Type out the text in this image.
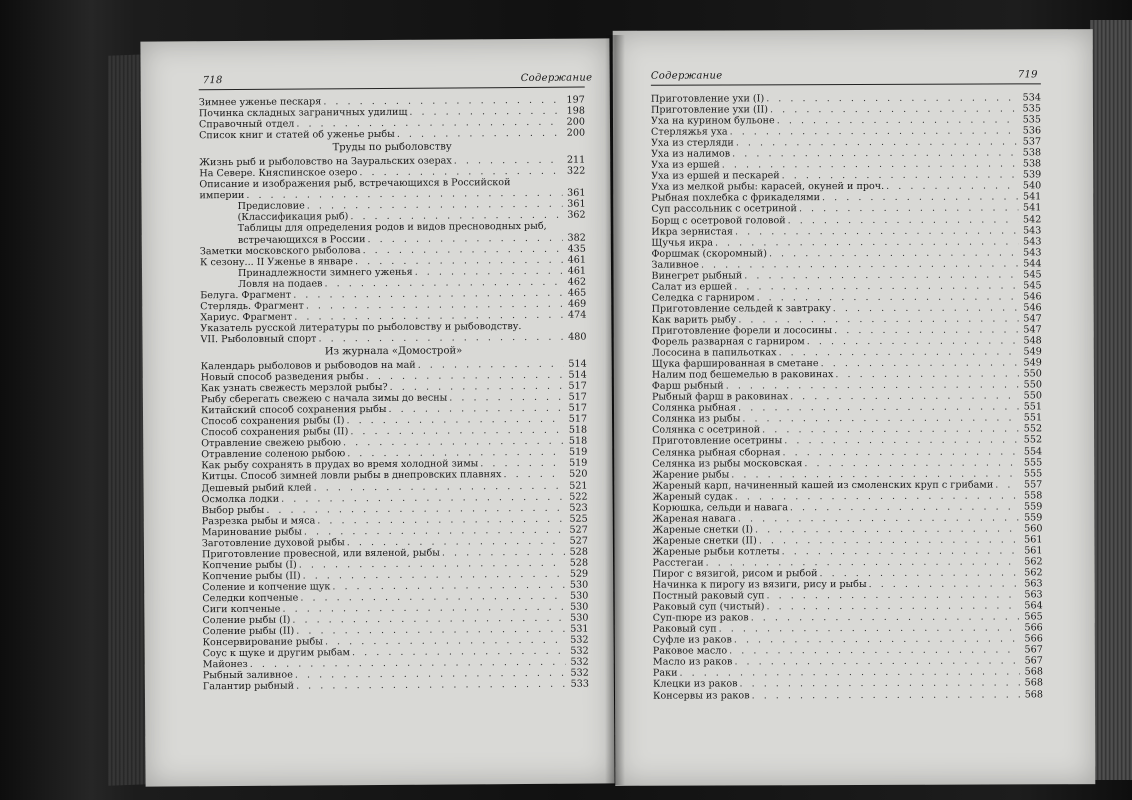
718	Содержание
Зимнее уженье пескаря . . .	197
Починка складных заграничных удилищ . . .	198
Справочный отдел . . .	200
Список книг и статей об уженье рыбы . . .	200
Труды по рыболовству
Жизнь рыб и рыболовство на Зауральских озерах . . .	211
На Севере. Княспинское озеро . . .	322
Описание и изображения рыб, встречающихся в Российской
империи . . .	361
Предисловие . . .	361
(Классификация рыб) . . .	362
Таблицы для определения родов и видов пресноводных рыб,
встречающихся в России . . .	382
Заметки московского рыболова . . .	435
К сезону... II Уженье в январе . . .	461
Принадлежности зимнего уженья . . .	461
Ловля на подаев . . .	462
Белуга. Фрагмент . . .	465
Стерлядь. Фрагмент . . .	469
Хариус. Фрагмент . . .	474
Указатель русской литературы по рыболовству и рыбоводству.
VII. Рыболовный спорт . . .	480
Из журнала «Домострой»
Календарь рыболовов и рыбоводов на май . . .	514
Новый способ разведения рыбы . . .	514
Как узнать свежесть мерзлой рыбы? . . .	517
Рыбу сберегать свежею с начала зимы до весны . . .	517
Китайский способ сохранения рыбы . . .	517
Способ сохранения рыбы (I) . . .	517
Способ сохранения рыбы (II) . . .	518
Отравление свежею рыбою . . .	518
Отравление соленою рыбою . . .	519
Как рыбу сохранять в прудах во время холодной зимы . . .	519
Китцы. Способ зимней ловли рыбы в днепровских плавнях . . .	520
Дешевый рыбий клей . . .	521
Осмолка лодки . . .	522
Выбор рыбы . . .	523
Разрезка рыбы и мяса . . .	525
Маринование рыбы . . .	527
Заготовление духовой рыбы . . .	527
Приготовление провесной, или вяленой, рыбы . . .	528
Копчение рыбы (I) . . .	528
Копчение рыбы (II) . . .	529
Соление и копчение щук . . .	530
Селедки копченые . . .	530
Сиги копченые . . .	530
Соление рыбы (I) . . .	530
Соление рыбы (II) . . .	531
Консервирование рыбы . . .	532
Соус к щуке и другим рыбам . . .	532
Майонез . . .	532
Рыбный заливное . . .	532
Галантир рыбный . . .	533
Содержание	719
Приготовление ухи (I) . . .	534
Приготовление ухи (II) . . .	535
Уха на курином бульоне . . .	535
Стерляжья уха . . .	536
Уха из стерляди . . .	537
Уха из налимов . . .	538
Уха из ершей . . .	538
Уха из ершей и пескарей . . .	539
Уха из мелкой рыбы: карасей, окуней и проч. . . .	540
Рыбная похлебка с фрикаделями . . .	541
Суп рассольник с осетриной . . .	541
Борщ с осетровой головой . . .	542
Икра зернистая . . .	543
Щучья икра . . .	543
Форшмак (скоромный) . . .	543
Заливное . . .	544
Винегрет рыбный . . .	545
Салат из ершей . . .	545
Селедка с гарниром . . .	546
Приготовление сельдей к завтраку . . .	546
Как варить рыбу . . .	547
Приготовление форели и лососины . . .	547
Форель разварная с гарниром . . .	548
Лососина в папильотках . . .	549
Щука фаршированная в сметане . . .	549
Налим под бешемелью в раковинах . . .	550
Фарш рыбный . . .	550
Рыбный фарш в раковинах . . .	550
Солянка рыбная . . .	551
Солянка из рыбы . . .	551
Солянка с осетриной . . .	552
Приготовление осетрины . . .	552
Селянка рыбная сборная . . .	554
Селянка из рыбы московская . . .	555
Жарение рыбы . . .	555
Жареный карп, начиненный кашей из смоленских круп с грибами . . .	557
Жареный судак . . .	558
Корюшка, сельди и навага . . .	559
Жареная навага . . .	559
Жареные снетки (I) . . .	560
Жареные снетки (II) . . .	561
Жареные рыбьи котлеты . . .	561
Расстегаи . . .	562
Пирог с вязигой, рисом и рыбой . . .	562
Начинка к пирогу из вязиги, рису и рыбы . . .	563
Постный раковый суп . . .	563
Раковый суп (чистый) . . .	564
Суп-пюре из раков . . .	565
Раковый суп . . .	566
Суфле из раков . . .	566
Раковое масло . . .	567
Масло из раков . . .	567
Раки . . .	568
Клецки из раков . . .	568
Консервы из раков . . .	568
